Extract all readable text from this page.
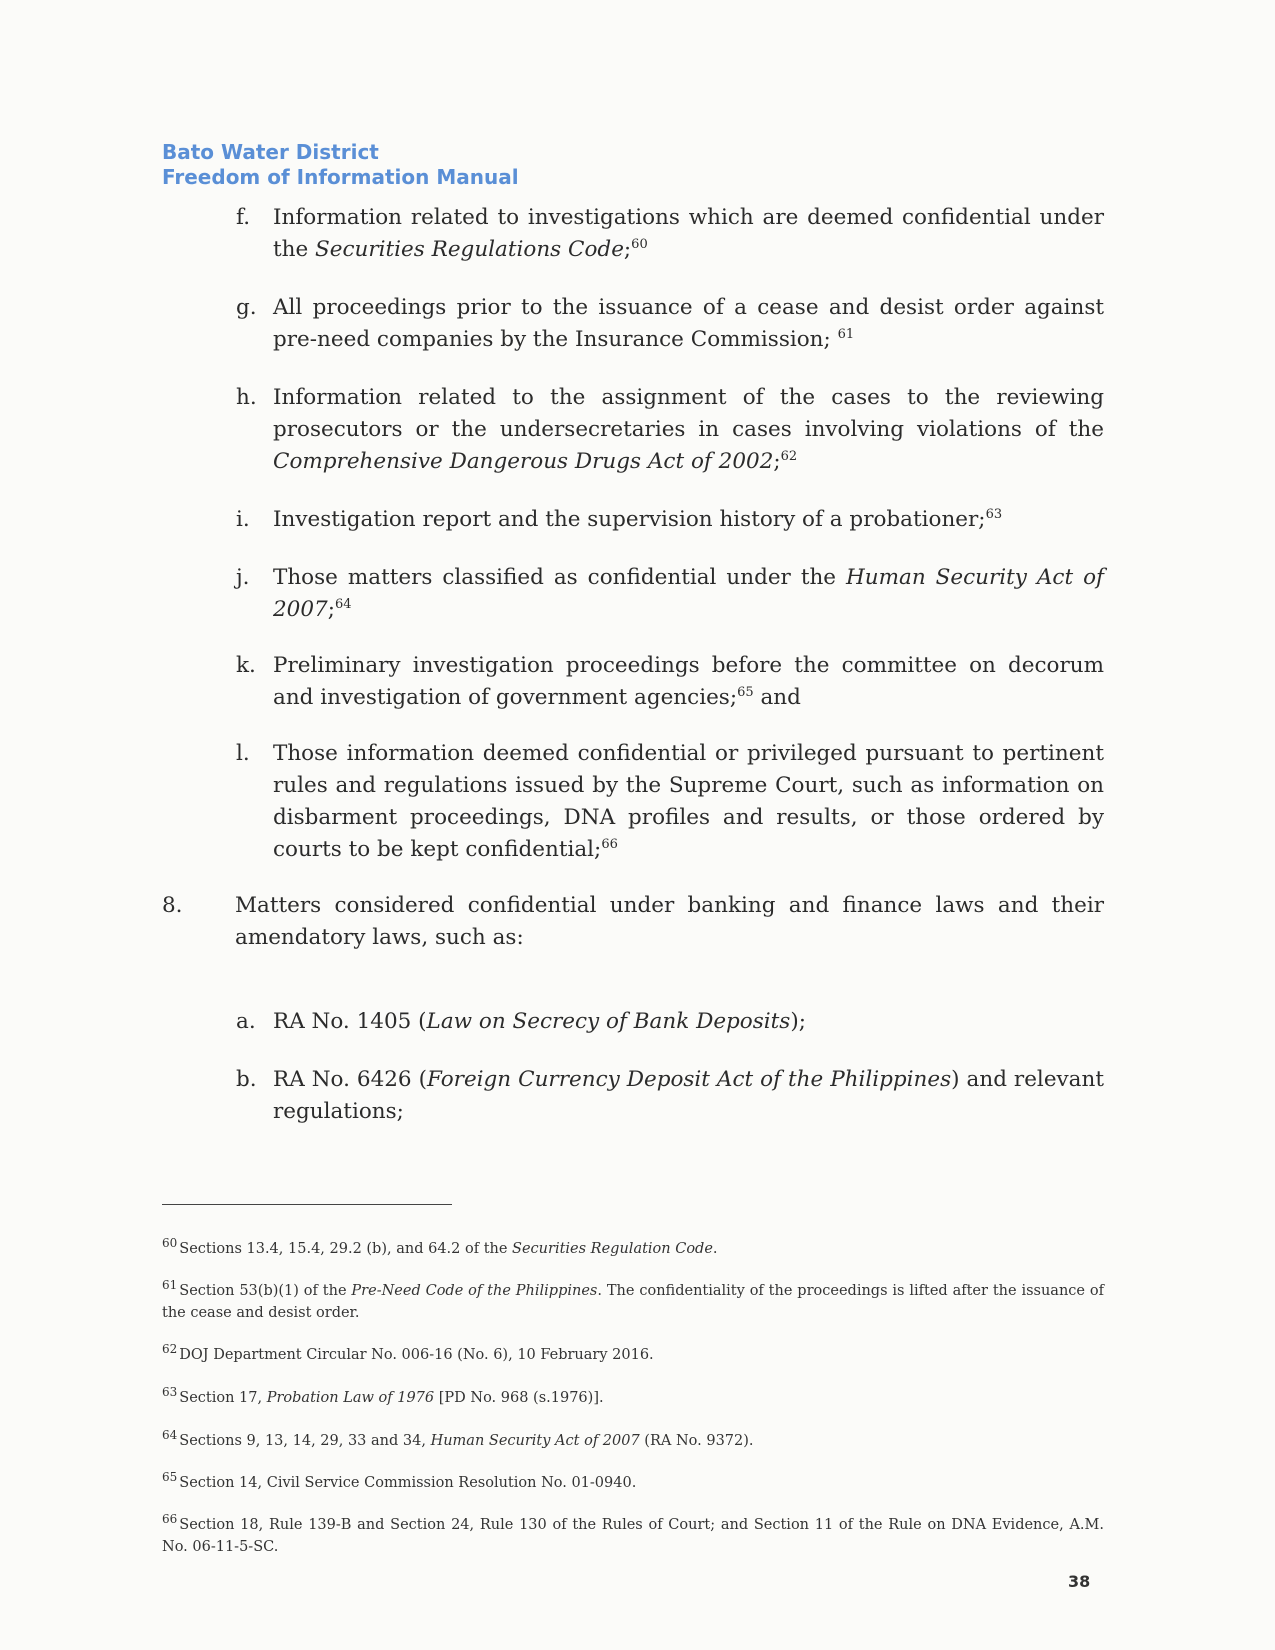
Bato Water District
Freedom of Information Manual
f.	Information related to investigations which are deemed confidential under the Securities Regulations Code;$^{60}$
g. All proceedings prior to the issuance of a cease and desist order against pre-need companies by the Insurance Commission; $^{61}$
h. Information related to the assignment of the cases to the reviewing prosecutors or the undersecretaries in cases involving violations of the Comprehensive Dangerous Drugs Act of 2002;$^{62}$
i.	Investigation report and the supervision history of a probationer;$^{63}$
j.	Those matters classified as confidential under the Human Security Act of 2007;$^{64}$
k. Preliminary investigation proceedings before the committee on decorum and investigation of government agencies;$^{65}$ and
l.	Those information deemed confidential or privileged pursuant to pertinent rules and regulations issued by the Supreme Court, such as information on disbarment proceedings, DNA profiles and results, or those ordered by courts to be kept confidential;$^{66}$
8.	Matters considered confidential under banking and finance laws and their amendatory laws, such as:
a. RA No. 1405 (Law on Secrecy of Bank Deposits);
b. RA No. 6426 (Foreign Currency Deposit Act of the Philippines) and relevant regulations;
$^{60}$ Sections 13.4, 15.4, 29.2 (b), and 64.2 of the Securities Regulation Code.
$^{61}$ Section 53(b)(1) of the Pre-Need Code of the Philippines. The confidentiality of the proceedings is lifted after the issuance of the cease and desist order.
$^{62}$ DOJ Department Circular No. 006-16 (No. 6), 10 February 2016.
$^{63}$ Section 17, Probation Law of 1976 [PD No. 968 (s.1976)].
$^{64}$ Sections 9, 13, 14, 29, 33 and 34, Human Security Act of 2007 (RA No. 9372).
$^{65}$ Section 14, Civil Service Commission Resolution No. 01-0940.
$^{66}$ Section 18, Rule 139-B and Section 24, Rule 130 of the Rules of Court; and Section 11 of the Rule on DNA Evidence, A.M. No. 06-11-5-SC.
38
